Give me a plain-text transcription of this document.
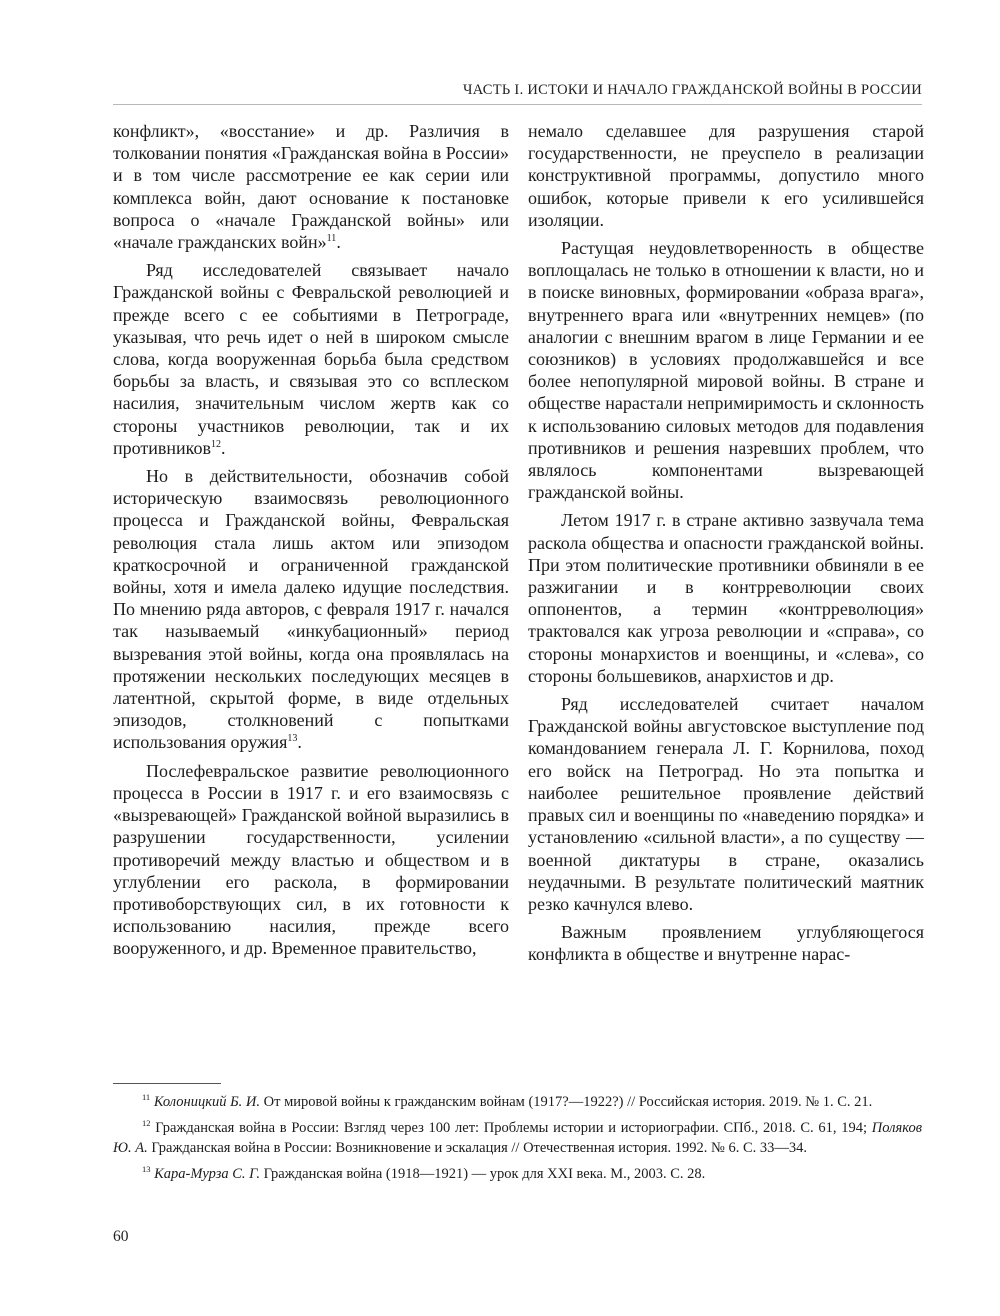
ЧАСТЬ I. ИСТОКИ И НАЧАЛО ГРАЖДАНСКОЙ ВОЙНЫ В РОССИИ

конфликт», «восстание» и др. Различия в толковании понятия «Гражданская война в России» и в том числе рассмотрение ее как серии или комплекса войн, дают основание к постановке вопроса о «начале Гражданской войны» или «начале гражданских войн»$^{11}$.

Ряд исследователей связывает начало Гражданской войны с Февральской революцией и прежде всего с ее событиями в Петрограде, указывая, что речь идет о ней в широком смысле слова, когда вооруженная борьба была средством борьбы за власть, и связывая это со всплеском насилия, значительным числом жертв как со стороны участников революции, так и их противников$^{12}$.

Но в действительности, обозначив собой историческую взаимосвязь революционного процесса и Гражданской войны, Февральская революция стала лишь актом или эпизодом краткосрочной и ограниченной гражданской войны, хотя и имела далеко идущие последствия. По мнению ряда авторов, с февраля 1917 г. начался так называемый «инкубационный» период вызревания этой войны, когда она проявлялась на протяжении нескольких последующих месяцев в латентной, скрытой форме, в виде отдельных эпизодов, столкновений с попытками использования оружия$^{13}$.

Послефевральское развитие революционного процесса в России в 1917 г. и его взаимосвязь с «вызревающей» Гражданской войной выразились в разрушении государственности, усилении противоречий между властью и обществом и в углублении его раскола, в формировании противоборствующих сил, в их готовности к использованию насилия, прежде всего вооруженного, и др. Временное правительство,

немало сделавшее для разрушения старой государственности, не преуспело в реализации конструктивной программы, допустило много ошибок, которые привели к его усилившейся изоляции.

Растущая неудовлетворенность в обществе воплощалась не только в отношении к власти, но и в поиске виновных, формировании «образа врага», внутреннего врага или «внутренних немцев» (по аналогии с внешним врагом в лице Германии и ее союзников) в условиях продолжавшейся и все более непопулярной мировой войны. В стране и обществе нарастали непримиримость и склонность к использованию силовых методов для подавления противников и решения назревших проблем, что являлось компонентами вызревающей гражданской войны.

Летом 1917 г. в стране активно зазвучала тема раскола общества и опасности гражданской войны. При этом политические противники обвиняли в ее разжигании и в контрреволюции своих оппонентов, а термин «контрреволюция» трактовался как угроза революции и «справа», со стороны монархистов и военщины, и «слева», со стороны большевиков, анархистов и др.

Ряд исследователей считает началом Гражданской войны августовское выступление под командованием генерала Л. Г. Корнилова, поход его войск на Петроград. Но эта попытка и наиболее решительное проявление действий правых сил и военщины по «наведению порядка» и установлению «сильной власти», а по существу — военной диктатуры в стране, оказались неудачными. В результате политический маятник резко качнулся влево.

Важным проявлением углубляющегося конфликта в обществе и внутренне нарас-

$^{11}$ Колоницкий Б. И. От мировой войны к гражданским войнам (1917?—1922?) // Российская история. 2019. № 1. С. 21.

$^{12}$ Гражданская война в России: Взгляд через 100 лет: Проблемы истории и историографии. СПб., 2018. С. 61, 194; Поляков Ю. А. Гражданская война в России: Возникновение и эскалация // Отечественная история. 1992. № 6. С. 33—34.

$^{13}$ Кара-Мурза С. Г. Гражданская война (1918—1921) — урок для XXI века. М., 2003. С. 28.

60
